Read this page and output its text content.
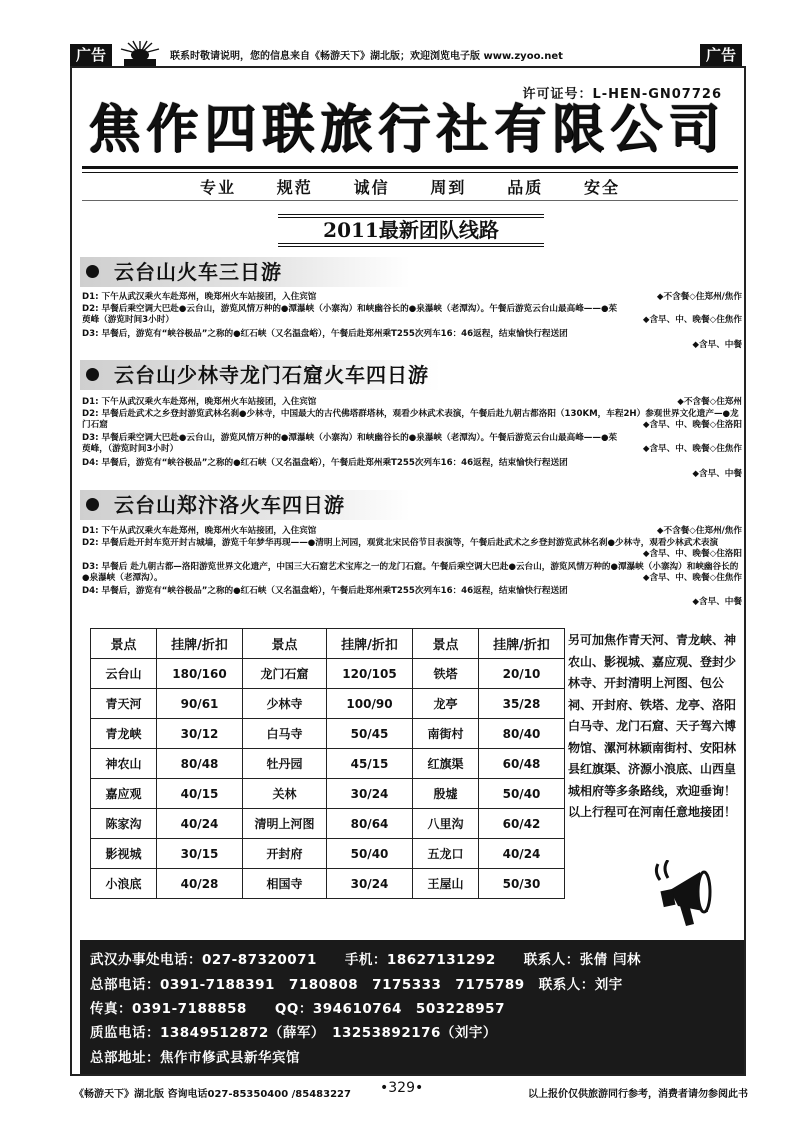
广告	联系时敬请说明，您的信息来自《畅游天下》湖北版；欢迎浏览电子版 www.zyoo.net	广告
许可证号：L-HEN-GN07726
焦作四联旅行社有限公司
专业	规范	诚信	周到	品质	安全
2011最新团队线路
云台山火车三日游
◆不含餐◇住郑州/焦作
D1: 下午从武汉乘火车赴郑州，晚郑州火车站接团，入住宾馆
D2: 早餐后乘空调大巴赴●云台山，游览风情万种的●潭瀑峡（小寨沟）和峡幽谷长的●泉瀑峡（老潭沟）。午餐后游览云台山最高峰——●茱萸峰（游览时间3小时）	◆含早、中、晚餐◇住焦作
D3: 早餐后，游览有“峡谷极品”之称的●红石峡（又名温盘峪），午餐后赴郑州乘T255次列车16：46返程，结束愉快行程送团
◆含早、中餐
云台山少林寺龙门石窟火车四日游
◆不含餐◇住郑州
D1: 下午从武汉乘火车赴郑州，晚郑州火车站接团，入住宾馆
D2: 早餐后赴武术之乡登封游览武林名刹●少林寺，中国最大的古代佛塔群塔林，观看少林武术表演，午餐后赴九朝古都洛阳（130KM，车程2H）参观世界文化遗产—●龙门石窟	◆含早、中、晚餐◇住洛阳
D3: 早餐后乘空调大巴赴●云台山，游览风情万种的●潭瀑峡（小寨沟）和峡幽谷长的●泉瀑峡（老潭沟）。午餐后游览云台山最高峰——●茱萸峰，（游览时间3小时）	◆含早、中、晚餐◇住焦作
D4: 早餐后，游览有“峡谷极品”之称的●红石峡（又名温盘峪），午餐后赴郑州乘T255次列车16：46返程，结束愉快行程送团
◆含早、中餐
云台山郑汴洛火车四日游
◆不含餐◇住郑州/焦作
D1: 下午从武汉乘火车赴郑州，晚郑州火车站接团，入住宾馆
D2: 早餐后赴开封车览开封古城墙，游览千年梦华再现——●清明上河园，观赏北宋民俗节目表演等，午餐后赴武术之乡登封游览武林名刹●少林寺，观看少林武术表演
◆含早、中、晚餐◇住洛阳
D3: 早餐后 赴九朝古都—洛阳游览世界文化遗产，中国三大石窟艺术宝库之一的龙门石窟。午餐后乘空调大巴赴●云台山，游览风情万种的●潭瀑峡（小寨沟）和峡幽谷长的●泉瀑峡（老潭沟）。	◆含早、中、晚餐◇住焦作
D4: 早餐后，游览有“峡谷极品”之称的●红石峡（又名温盘峪），午餐后赴郑州乘T255次列车16：46返程，结束愉快行程送团
◆含早、中餐
景点	挂牌/折扣	景点	挂牌/折扣	景点	挂牌/折扣
云台山	180/160	龙门石窟	120/105	铁塔	20/10
青天河	90/61	少林寺	100/90	龙亭	35/28
青龙峡	30/12	白马寺	50/45	南街村	80/40
神农山	80/48	牡丹园	45/15	红旗渠	60/48
嘉应观	40/15	关林	30/24	殷墟	50/40
陈家沟	40/24	清明上河图	80/64	八里沟	60/42
影视城	30/15	开封府	50/40	五龙口	40/24
小浪底	40/28	相国寺	30/24	王屋山	50/30
另可加焦作青天河、青龙峡、神农山、影视城、嘉应观、登封少林寺、开封清明上河图、包公祠、开封府、铁塔、龙亭、洛阳白马寺、龙门石窟、天子驾六博物馆、漯河林颖南街村、安阳林县红旗渠、济源小浪底、山西皇城相府等多条路线，欢迎垂询！以上行程可在河南任意地接团！
武汉办事处电话：027-87320071　　手机：18627131292　　联系人：张倩 闫林
总部电话：0391-7188391　7180808　7175333　7175789　联系人：刘宇
传真：0391-7188858　　QQ：394610764　503228957
质监电话：13849512872（薛军）　13253892176（刘宇）
总部地址：焦作市修武县新华宾馆
《畅游天下》湖北版 咨询电话027-85350400 /85483227 •329•	以上报价仅供旅游同行参考，消费者请勿参阅此书
